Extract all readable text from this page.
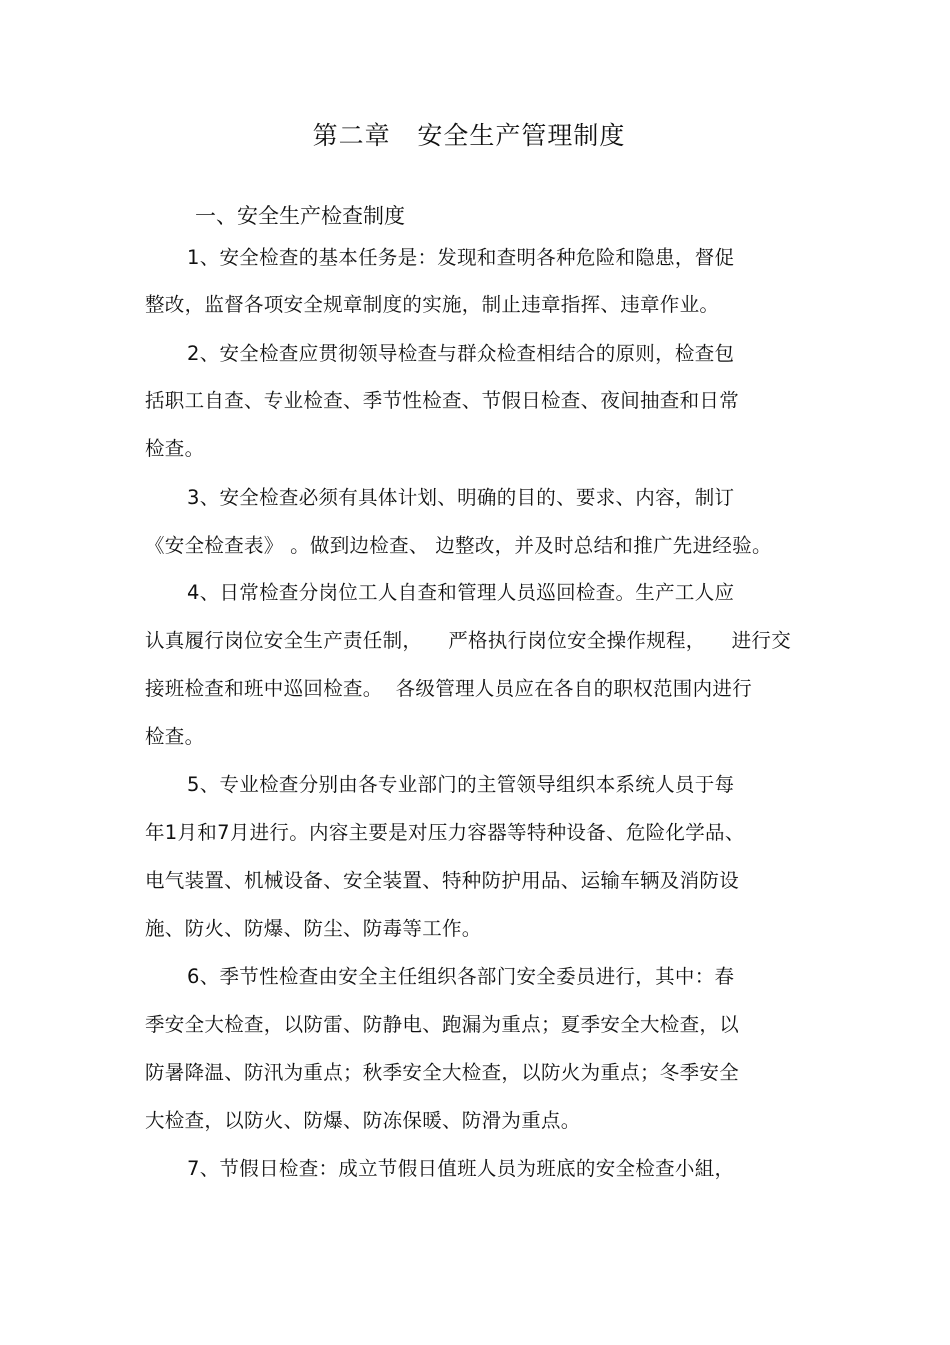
第二章   安全生产管理制度
一、安全生产检查制度
1、安全检查的基本任务是：发现和查明各种危险和隐患，督促
整改，监督各项安全规章制度的实施，制止违章指挥、违章作业。
2、安全检查应贯彻领导检查与群众检查相结合的原则，检查包
括职工自查、专业检查、季节性检查、节假日检查、夜间抽查和日常
检查。
3、安全检查必须有具体计划、明确的目的、要求、内容，制订
《安全检查表》 。做到边检查、 边整改，并及时总结和推广先进经验。
4、日常检查分岗位工人自查和管理人员巡回检查。生产工人应
认真履行岗位安全生产责任制，    严格执行岗位安全操作规程，    进行交
接班检查和班中巡回检查。  各级管理人员应在各自的职权范围内进行
检查。
5、专业检查分别由各专业部门的主管领导组织本系统人员于每
年1月和7月进行。内容主要是对压力容器等特种设备、危险化学品、
电气装置、机械设备、安全装置、特种防护用品、运输车辆及消防设
施、防火、防爆、防尘、防毒等工作。
6、季节性检查由安全主任组织各部门安全委员进行，其中：春
季安全大检查，以防雷、防静电、跑漏为重点；夏季安全大检查，以
防暑降温、防汛为重点；秋季安全大检查，以防火为重点；冬季安全
大检查，以防火、防爆、防冻保暖、防滑为重点。
7、节假日检查：成立节假日值班人员为班底的安全检查小組，
